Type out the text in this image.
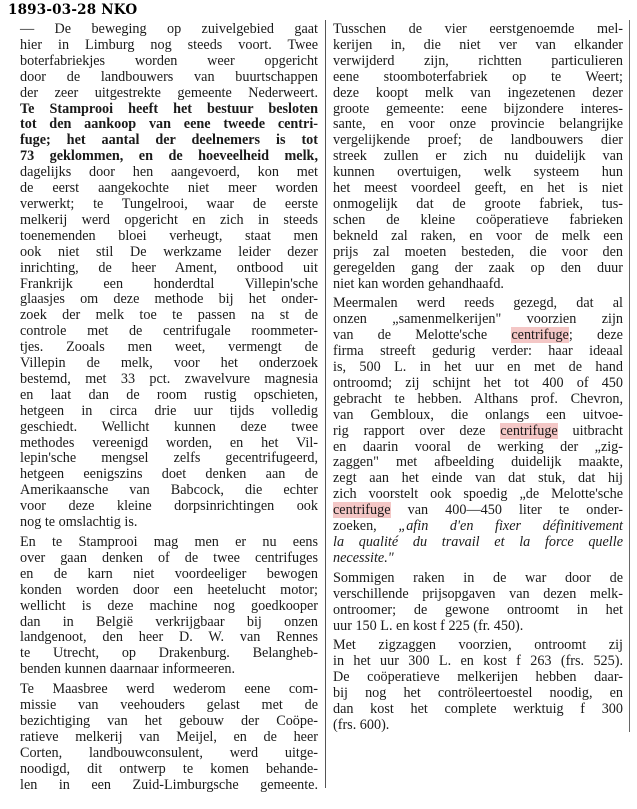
1893-03-28 NKO

— De beweging op zuivelgebied gaat
hier in Limburg nog steeds voort. Twee
boterfabriekjes worden weer opgericht
door de landbouwers van buurtschappen
der zeer uitgestrekte gemeente Nederweert.
Te Stamprooi heeft het bestuur besloten
tot den aankoop van eene tweede centri-
fuge; het aantal der deelnemers is tot
73 geklommen, en de hoeveelheid melk,
dagelijks door hen aangevoerd, kon met
de eerst aangekochte niet meer worden
verwerkt; te Tungelrooi, waar de eerste
melkerij werd opgericht en zich in steeds
toenemenden bloei verheugt, staat men
ook niet stil De werkzame leider dezer
inrichting, de heer Ament, ontbood uit
Frankrijk een honderdtal Villepin'sche
glaasjes om deze methode bij het onder-
zoek der melk toe te passen na st de
controle met de centrifugale roommeter-
tjes. Zooals men weet, vermengt de
Villepin de melk, voor het onderzoek
bestemd, met 33 pct. zwavelvure magnesia
en laat dan de room rustig opschieten,
hetgeen in circa drie uur tijds volledig
geschiedt. Wellicht kunnen deze twee
methodes vereenigd worden, en het Vil-
lepin'sche mengsel zelfs gecentrifugeerd,
hetgeen eenigszins doet denken aan de
Amerikaansche van Babcock, die echter
voor deze kleine dorpsinrichtingen ook
nog te omslachtig is.

En te Stamprooi mag men er nu eens
over gaan denken of de twee centrifuges
en de karn niet voordeeliger bewogen
konden worden door een heetelucht motor;
wellicht is deze machine nog goedkooper
dan in België verkrijgbaar bij onzen
landgenoot, den heer D. W. van Rennes
te Utrecht, op Drakenburg. Belangheb-
benden kunnen daarnaar informeeren.

Te Maasbree werd wederom eene com-
missie van veehouders gelast met de
bezichtiging van het gebouw der Coöpe-
ratieve melkerij van Meijel, en de heer
Corten, landbouwconsulent, werd uitge-
noodigd, dit ontwerp te komen behande-
len in een Zuid-Limburgsche gemeente.

Tusschen de vier eerstgenoemde mel-
kerijen in, die niet ver van elkander
verwijderd zijn, richtten particulieren
eene stoomboterfabriek op te Weert;
deze koopt melk van ingezetenen dezer
groote gemeente: eene bijzondere interes-
sante, en voor onze provincie belangrijke
vergelijkende proef; de landbouwers dier
streek zullen er zich nu duidelijk van
kunnen overtuigen, welk systeem hun
het meest voordeel geeft, en het is niet
onmogelijk dat de groote fabriek, tus-
schen de kleine coöperatieve fabrieken
bekneld zal raken, en voor de melk een
prijs zal moeten besteden, die voor den
geregelden gang der zaak op den duur
niet kan worden gehandhaafd.

Meermalen werd reeds gezegd, dat al
onzen „samenmelkerijen" voorzien zijn
van de Melotte'sche centrifuge; deze
firma streeft gedurig verder: haar ideaal
is, 500 L. in het uur en met de hand
ontroomd; zij schijnt het tot 400 of 450
gebracht te hebben. Althans prof. Chevron,
van Gembloux, die onlangs een uitvoe-
rig rapport over deze centrifuge uitbracht
en daarin vooral de werking der „zig-
zaggen" met afbeelding duidelijk maakte,
zegt aan het einde van dat stuk, dat hij
zich voorstelt ook spoedig „de Melotte'sche
centrifuge van 400—450 liter te onder-
zoeken, „afin d'en fixer définitivement
la qualité du travail et la force quelle
necessite."

Sommigen raken in de war door de
verschillende prijsopgaven van dezen melk-
ontroomer; de gewone ontroomt in het
uur 150 L. en kost f 225 (fr. 450).

Met zigzaggen voorzien, ontroomt zij
in het uur 300 L. en kost f 263 (frs. 525).
De coöperatieve melkerijen hebben daar-
bij nog het contröleertoestel noodig, en
dan kost het complete werktuig f 300
(frs. 600).
